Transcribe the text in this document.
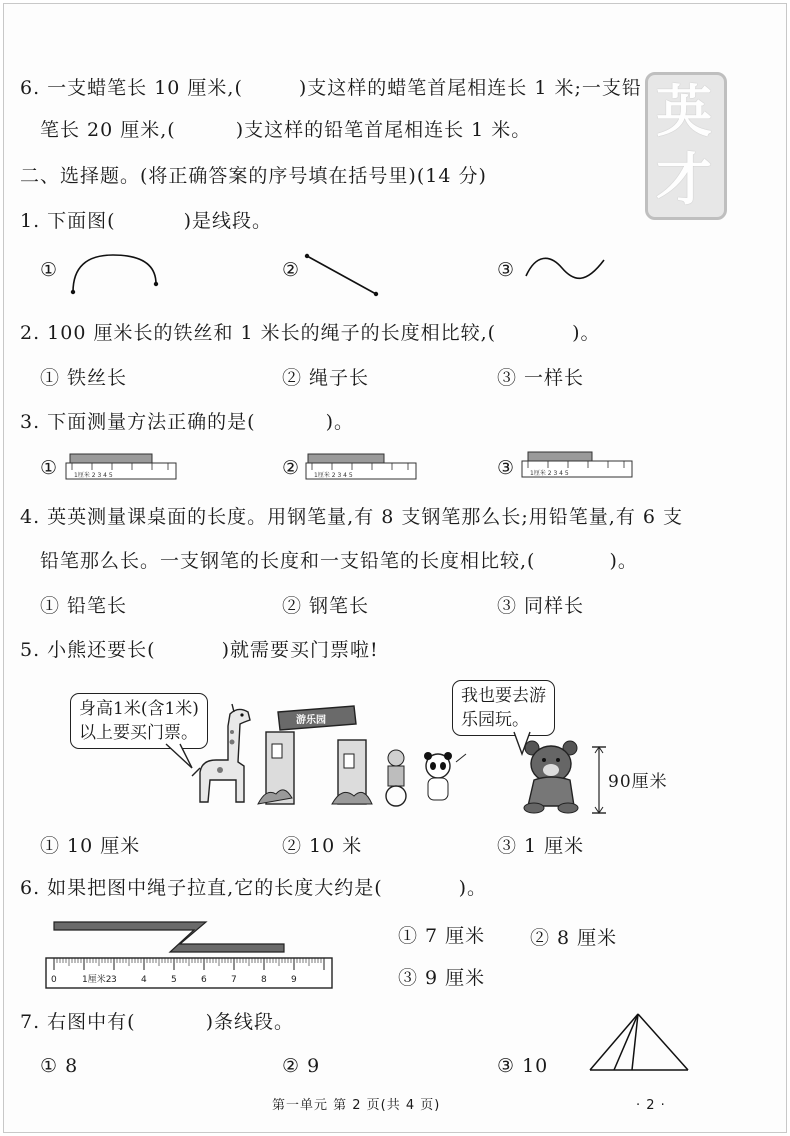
英
才
6. 一支蜡笔长 10 厘米,(	)支这样的蜡笔首尾相连长 1 米;一支铅
笔长 20 厘米,(	)支这样的铅笔首尾相连长 1 米。
二、选择题。(将正确答案的序号填在括号里)(14 分)
1. 下面图(	)是线段。
①	②	③
2. 100 厘米长的铁丝和 1 米长的绳子的长度相比较,(	)。
① 铁丝长	② 绳子长	③ 一样长
3. 下面测量方法正确的是(	)。
①	1厘米 2 3 4 5	② 1厘米 2 3 4 5	③ 1厘米 2 3 4 5
4. 英英测量课桌面的长度。用钢笔量,有 8 支钢笔那么长;用铅笔量,有 6 支
铅笔那么长。一支钢笔的长度和一支铅笔的长度相比较,(	)。
① 铅笔长	② 钢笔长	③ 同样长
5. 小熊还要长(	)就需要买门票啦!
身高1米(含1米)
以上要买门票。
游乐园
我也要去游
乐园玩。
90厘米
① 10 厘米	② 10 米	③ 1 厘米
6. 如果把图中绳子拉直,它的长度大约是(	)。
0	1厘米2 3	4	5	6	7	8	9
① 7 厘米 ② 8 厘米
③ 9 厘米
7. 右图中有(	)条线段。
① 8	② 9	③ 10
第一单元 第 2 页(共 4 页)	· 2 ·
